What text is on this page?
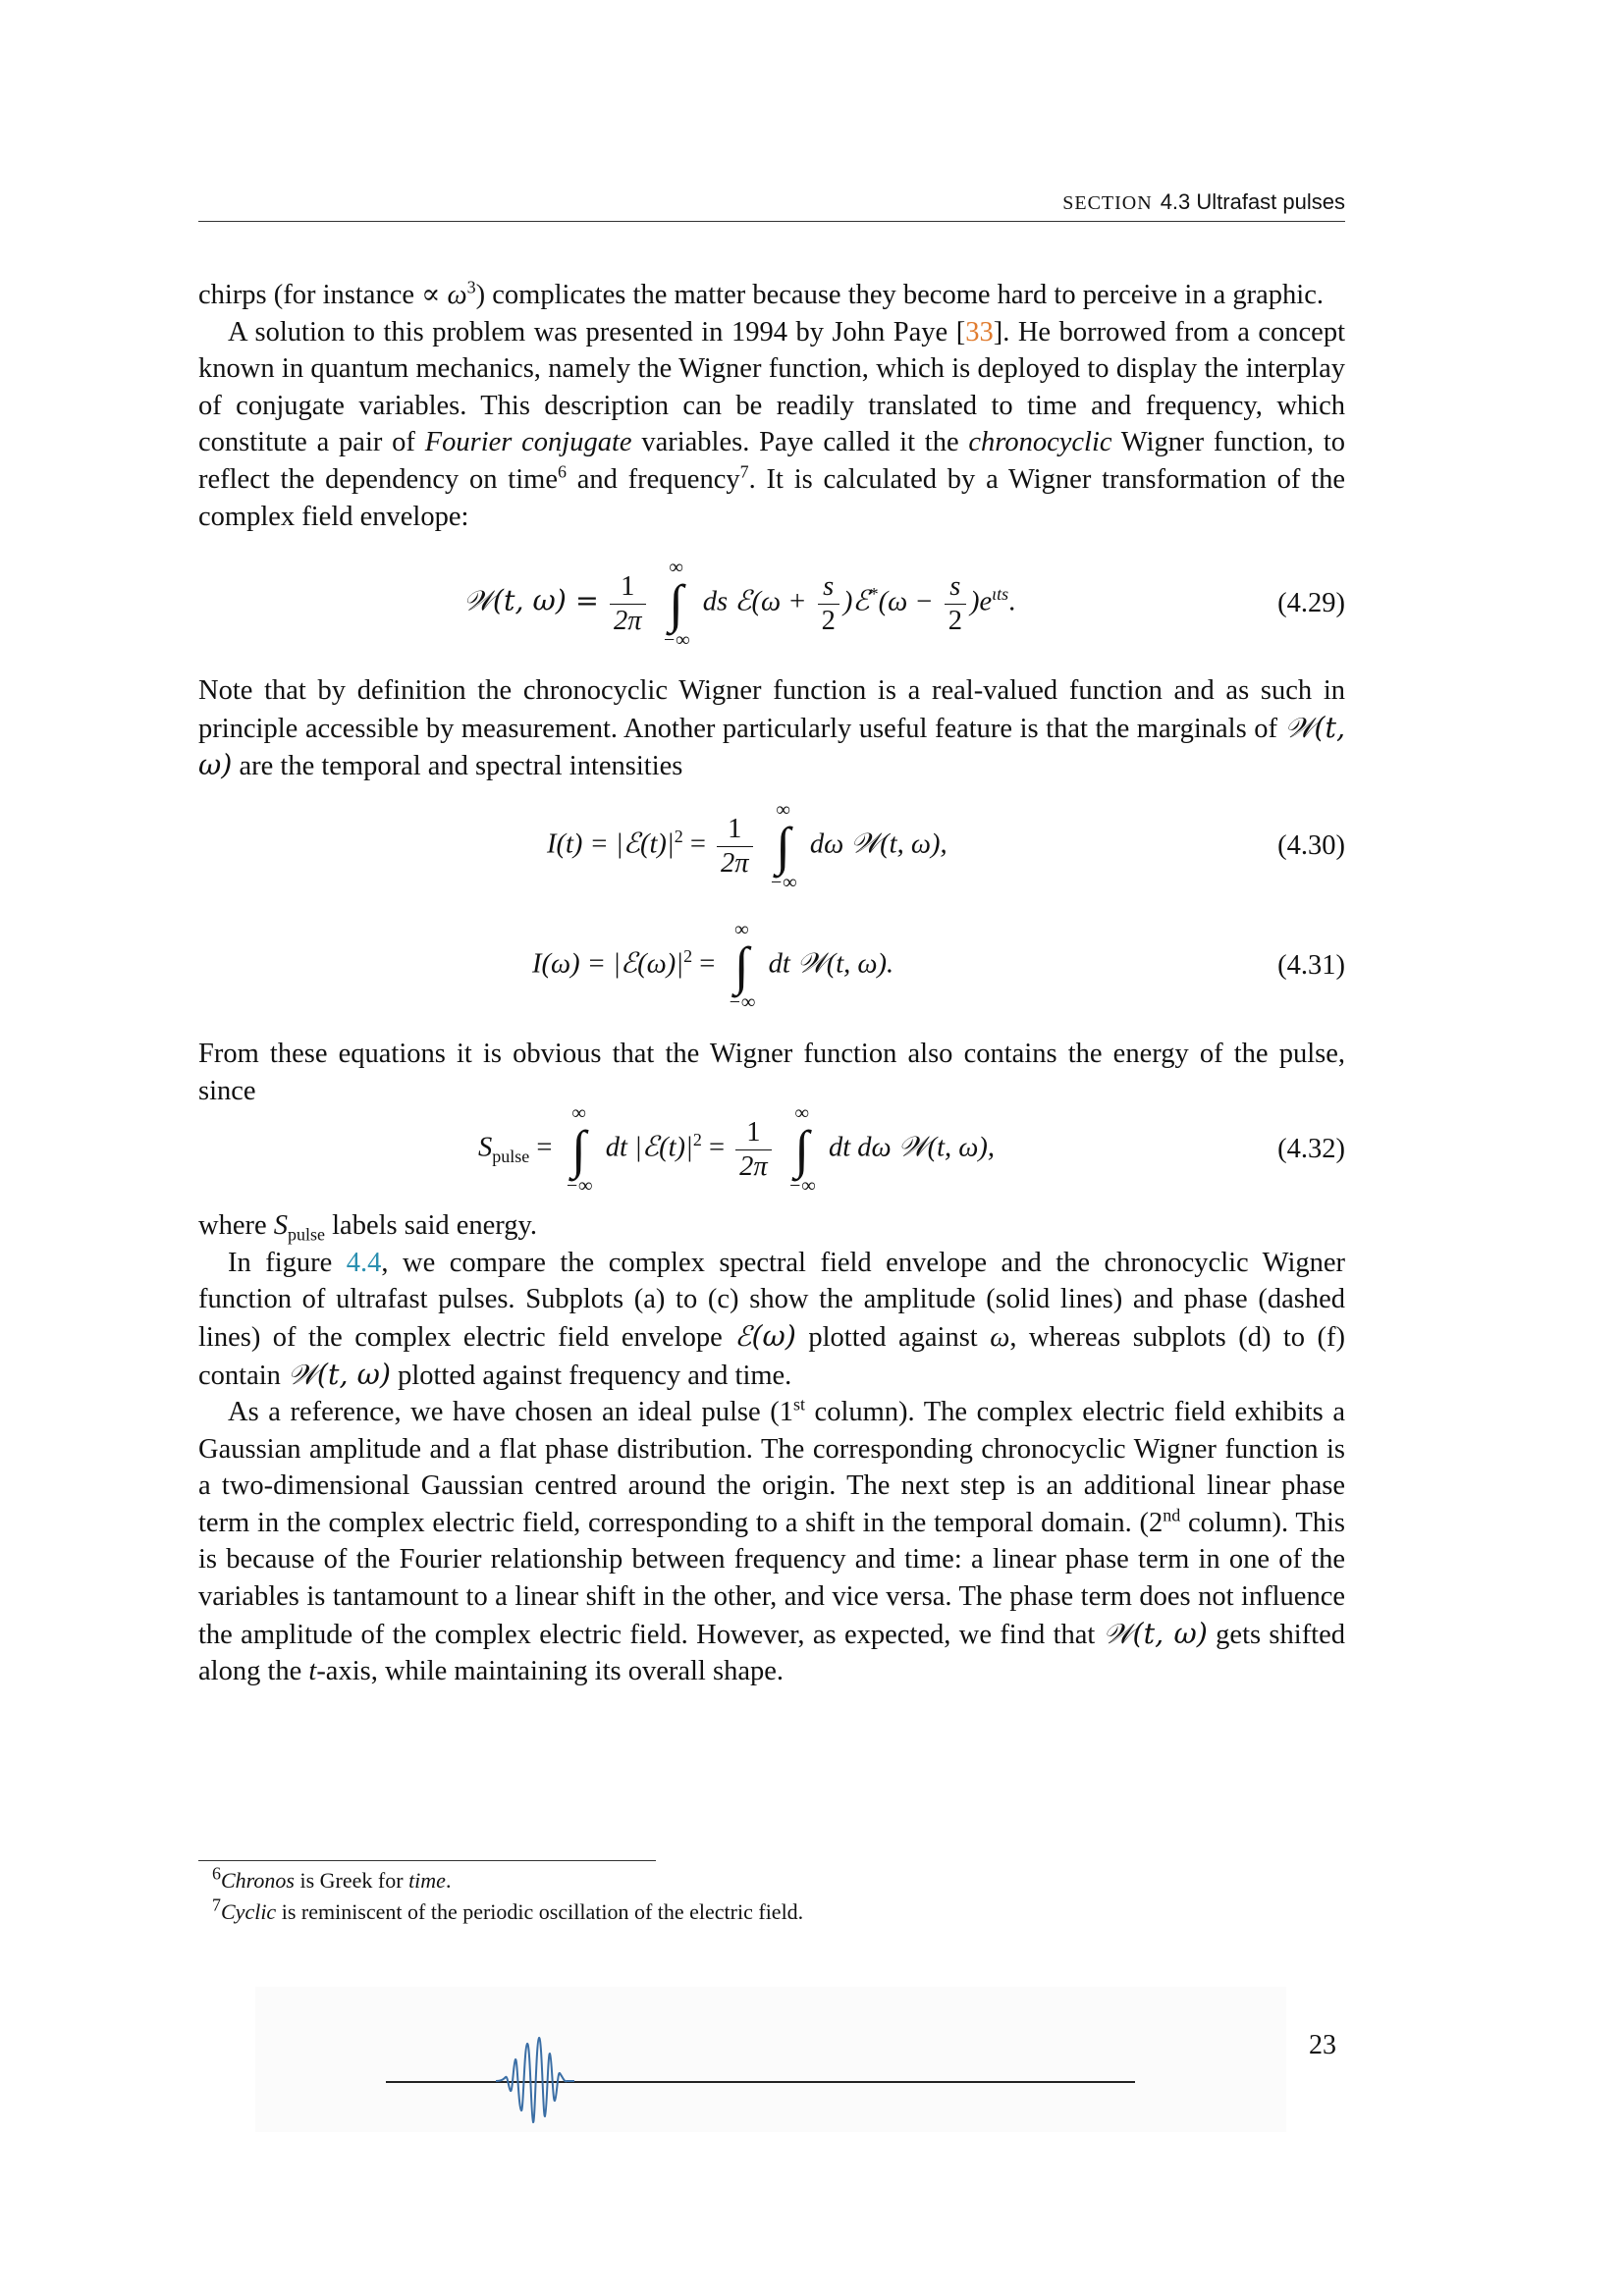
SECTION 4.3 Ultrafast pulses

chirps (for instance ∝ $\omega^3$) complicates the matter because they become hard to perceive in a graphic.

A solution to this problem was presented in 1994 by John Paye [33]. He borrowed from a concept known in quantum mechanics, namely the Wigner function, which is deployed to display the interplay of conjugate variables. This description can be readily translated to time and frequency, which constitute a pair of Fourier conjugate variables. Paye called it the chronocyclic Wigner function, to reflect the dependency on time$^6$ and frequency$^7$. It is calculated by a Wigner transformation of the complex field envelope:

𝒲(t, $\omega) = \frac{1}{2\pi}$

∞
∫
−∞
ds ℰ(ω + $\frac{s}{2}$ )ℰ*(ω − $\frac{s}{2} )e^{\iota ts}$.	(4.29)

Note that by definition the chronocyclic Wigner function is a real-valued function and as such in principle accessible by measurement. Another particularly useful feature is that the marginals of 𝒲(t, ω) are the temporal and spectral intensities

$I(t) = |ℰ(t)|^2 = \frac{1}{2\pi}$

∞
∫
−∞
dω 𝒲(t, ω),	(4.30)
$I(\omega) = |ℰ(\omega)|^2$ =
∞
∫
−∞
dt 𝒲(t, ω).	(4.31)

From these equations it is obvious that the Wigner function also contains the energy of the pulse, since

$S_{pulse}$ =
∞
∫
−∞
dt $|ℰ(t)|^2 = \frac{1}{2\pi}$

∞
∫
−∞
dt dω 𝒲(t, ω),	(4.32)

where $S_{pulse}$ labels said energy.

In figure 4.4, we compare the complex spectral field envelope and the chronocyclic Wigner function of ultrafast pulses. Subplots (a) to (c) show the amplitude (solid lines) and phase (dashed lines) of the complex electric field envelope ℰ(ω) plotted against ω, whereas subplots (d) to (f) contain 𝒲(t, ω) plotted against frequency and time.

As a reference, we have chosen an ideal pulse (1st column). The complex electric field exhibits a Gaussian amplitude and a flat phase distribution. The corresponding chronocyclic Wigner function is a two-dimensional Gaussian centred around the origin. The next step is an additional linear phase term in the complex electric field, corresponding to a shift in the temporal domain. (2nd column). This is because of the Fourier relationship between frequency and time: a linear phase term in one of the variables is tantamount to a linear shift in the other, and vice versa. The phase term does not influence the amplitude of the complex electric field. However, as expected, we find that 𝒲(t, ω) gets shifted along the t-axis, while maintaining its overall shape.

$^6$Chronos is Greek for time.
$^7$Cyclic is reminiscent of the periodic oscillation of the electric field.
23
